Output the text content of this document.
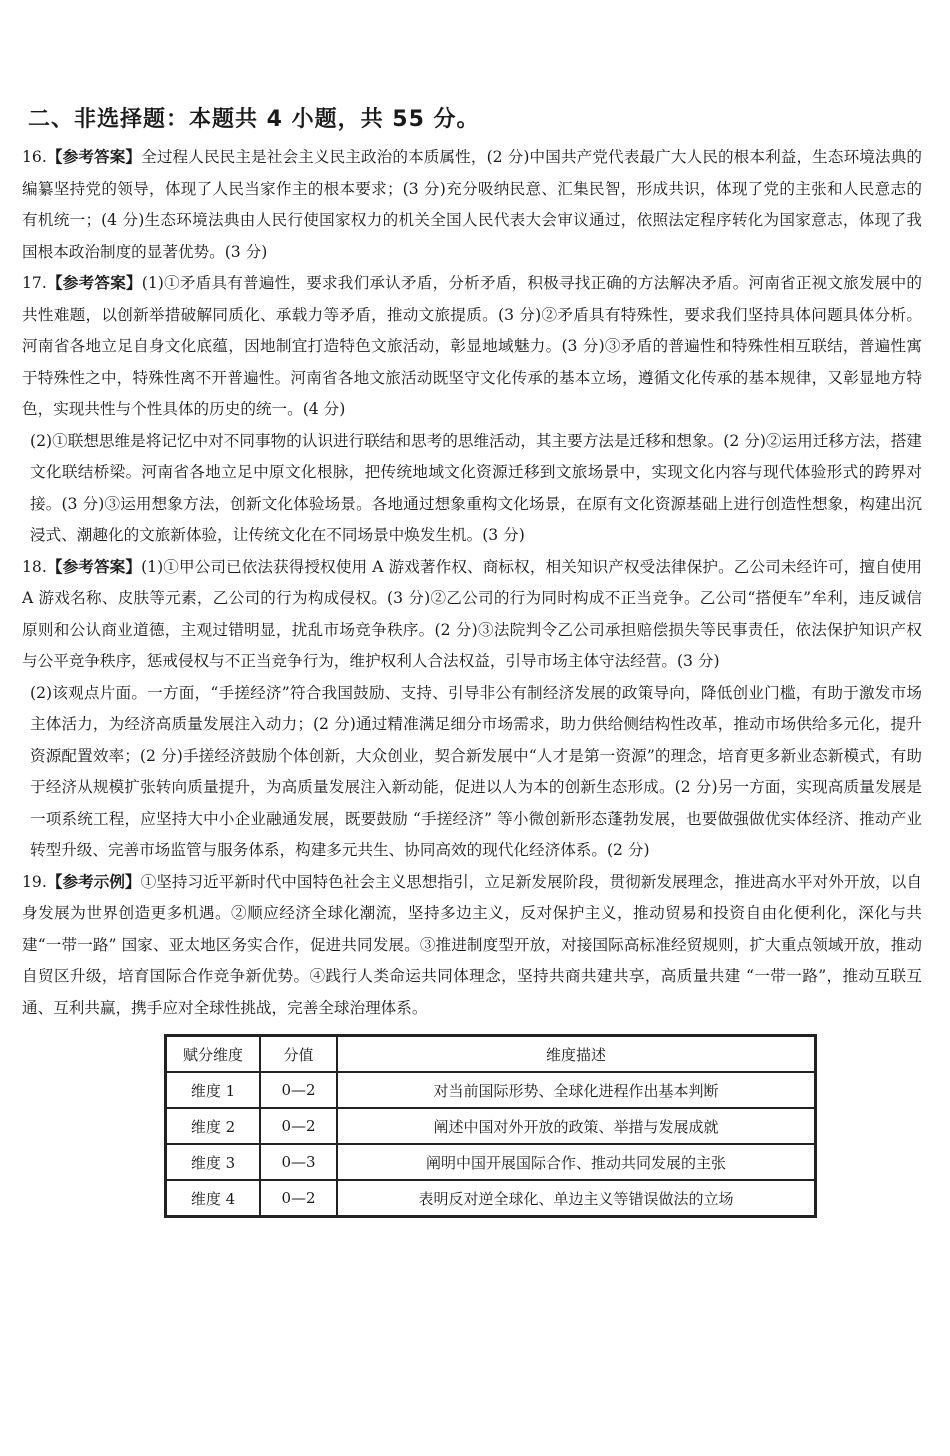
二、非选择题：本题共 4 小题，共 55 分。

16.【参考答案】全过程人民民主是社会主义民主政治的本质属性，(2 分)中国共产党代表最广大人民的根本利益，生态环境法典的编纂坚持党的领导，体现了人民当家作主的根本要求；(3 分)充分吸纳民意、汇集民智，形成共识，体现了党的主张和人民意志的有机统一；(4 分)生态环境法典由人民行使国家权力的机关全国人民代表大会审议通过，依照法定程序转化为国家意志，体现了我国根本政治制度的显著优势。(3 分)

17.【参考答案】(1)①矛盾具有普遍性，要求我们承认矛盾，分析矛盾，积极寻找正确的方法解决矛盾。河南省正视文旅发展中的共性难题，以创新举措破解同质化、承载力等矛盾，推动文旅提质。(3 分)②矛盾具有特殊性，要求我们坚持具体问题具体分析。河南省各地立足自身文化底蕴，因地制宜打造特色文旅活动，彰显地域魅力。(3 分)③矛盾的普遍性和特殊性相互联结，普遍性寓于特殊性之中，特殊性离不开普遍性。河南省各地文旅活动既坚守文化传承的基本立场，遵循文化传承的基本规律，又彰显地方特色，实现共性与个性具体的历史的统一。(4 分)

(2)①联想思维是将记忆中对不同事物的认识进行联结和思考的思维活动，其主要方法是迁移和想象。(2 分)②运用迁移方法，搭建文化联结桥梁。河南省各地立足中原文化根脉，把传统地域文化资源迁移到文旅场景中，实现文化内容与现代体验形式的跨界对接。(3 分)③运用想象方法，创新文化体验场景。各地通过想象重构文化场景，在原有文化资源基础上进行创造性想象，构建出沉浸式、潮趣化的文旅新体验，让传统文化在不同场景中焕发生机。(3 分)

18.【参考答案】(1)①甲公司已依法获得授权使用 A 游戏著作权、商标权，相关知识产权受法律保护。乙公司未经许可，擅自使用 A 游戏名称、皮肤等元素，乙公司的行为构成侵权。(3 分)②乙公司的行为同时构成不正当竞争。乙公司“搭便车”牟利，违反诚信原则和公认商业道德，主观过错明显，扰乱市场竞争秩序。(2 分)③法院判令乙公司承担赔偿损失等民事责任，依法保护知识产权与公平竞争秩序，惩戒侵权与不正当竞争行为，维护权利人合法权益，引导市场主体守法经营。(3 分)

(2)该观点片面。一方面，“手搓经济”符合我国鼓励、支持、引导非公有制经济发展的政策导向，降低创业门槛，有助于激发市场主体活力，为经济高质量发展注入动力；(2 分)通过精准满足细分市场需求，助力供给侧结构性改革，推动市场供给多元化，提升资源配置效率；(2 分)手搓经济鼓励个体创新，大众创业，契合新发展中“人才是第一资源”的理念，培育更多新业态新模式，有助于经济从规模扩张转向质量提升，为高质量发展注入新动能，促进以人为本的创新生态形成。(2 分)另一方面，实现高质量发展是一项系统工程，应坚持大中小企业融通发展，既要鼓励 “手搓经济” 等小微创新形态蓬勃发展，也要做强做优实体经济、推动产业转型升级、完善市场监管与服务体系，构建多元共生、协同高效的现代化经济体系。(2 分)

19.【参考示例】①坚持习近平新时代中国特色社会主义思想指引，立足新发展阶段，贯彻新发展理念，推进高水平对外开放，以自身发展为世界创造更多机遇。②顺应经济全球化潮流，坚持多边主义，反对保护主义，推动贸易和投资自由化便利化，深化与共建“一带一路” 国家、亚太地区务实合作，促进共同发展。③推进制度型开放，对接国际高标准经贸规则，扩大重点领域开放，推动自贸区升级，培育国际合作竞争新优势。④践行人类命运共同体理念，坚持共商共建共享，高质量共建 “一带一路”，推动互联互通、互利共赢，携手应对全球性挑战，完善全球治理体系。

赋分维度	分值	维度描述
维度 1	0—2	对当前国际形势、全球化进程作出基本判断
维度 2	0—2	阐述中国对外开放的政策、举措与发展成就
维度 3	0—3	阐明中国开展国际合作、推动共同发展的主张
维度 4	0—2	表明反对逆全球化、单边主义等错误做法的立场
